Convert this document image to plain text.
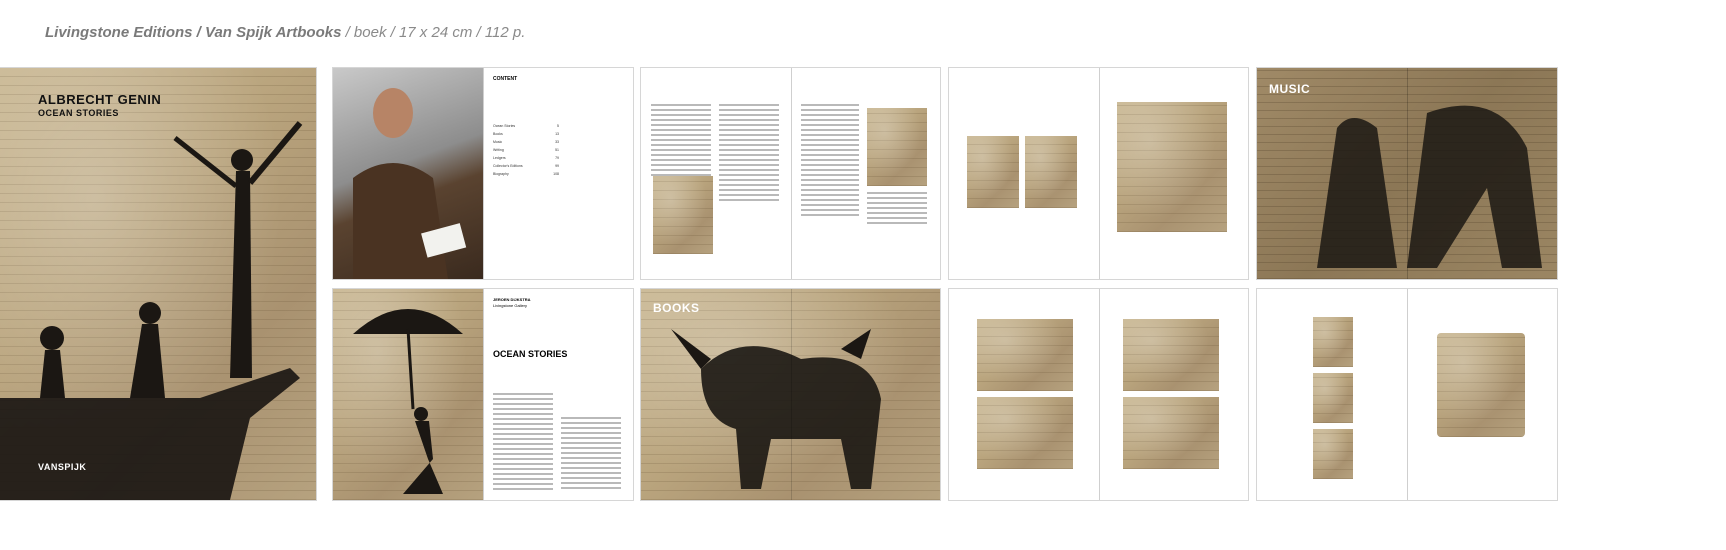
Livingstone Editions / Van Spijk Artbooks / boek / 17 x 24 cm / 112 p.
ALBRECHT GENIN
OCEAN STORIES
VANSPIJK
CONTENT
Ocean Stories	5
Books	13
Music	33
Writing	51
Ledgers	79
Collector's Editions	99
Biography	108
MUSIC
JEROEN DIJKSTRA
Livingstone Gallery
OCEAN STORIES
BOOKS
